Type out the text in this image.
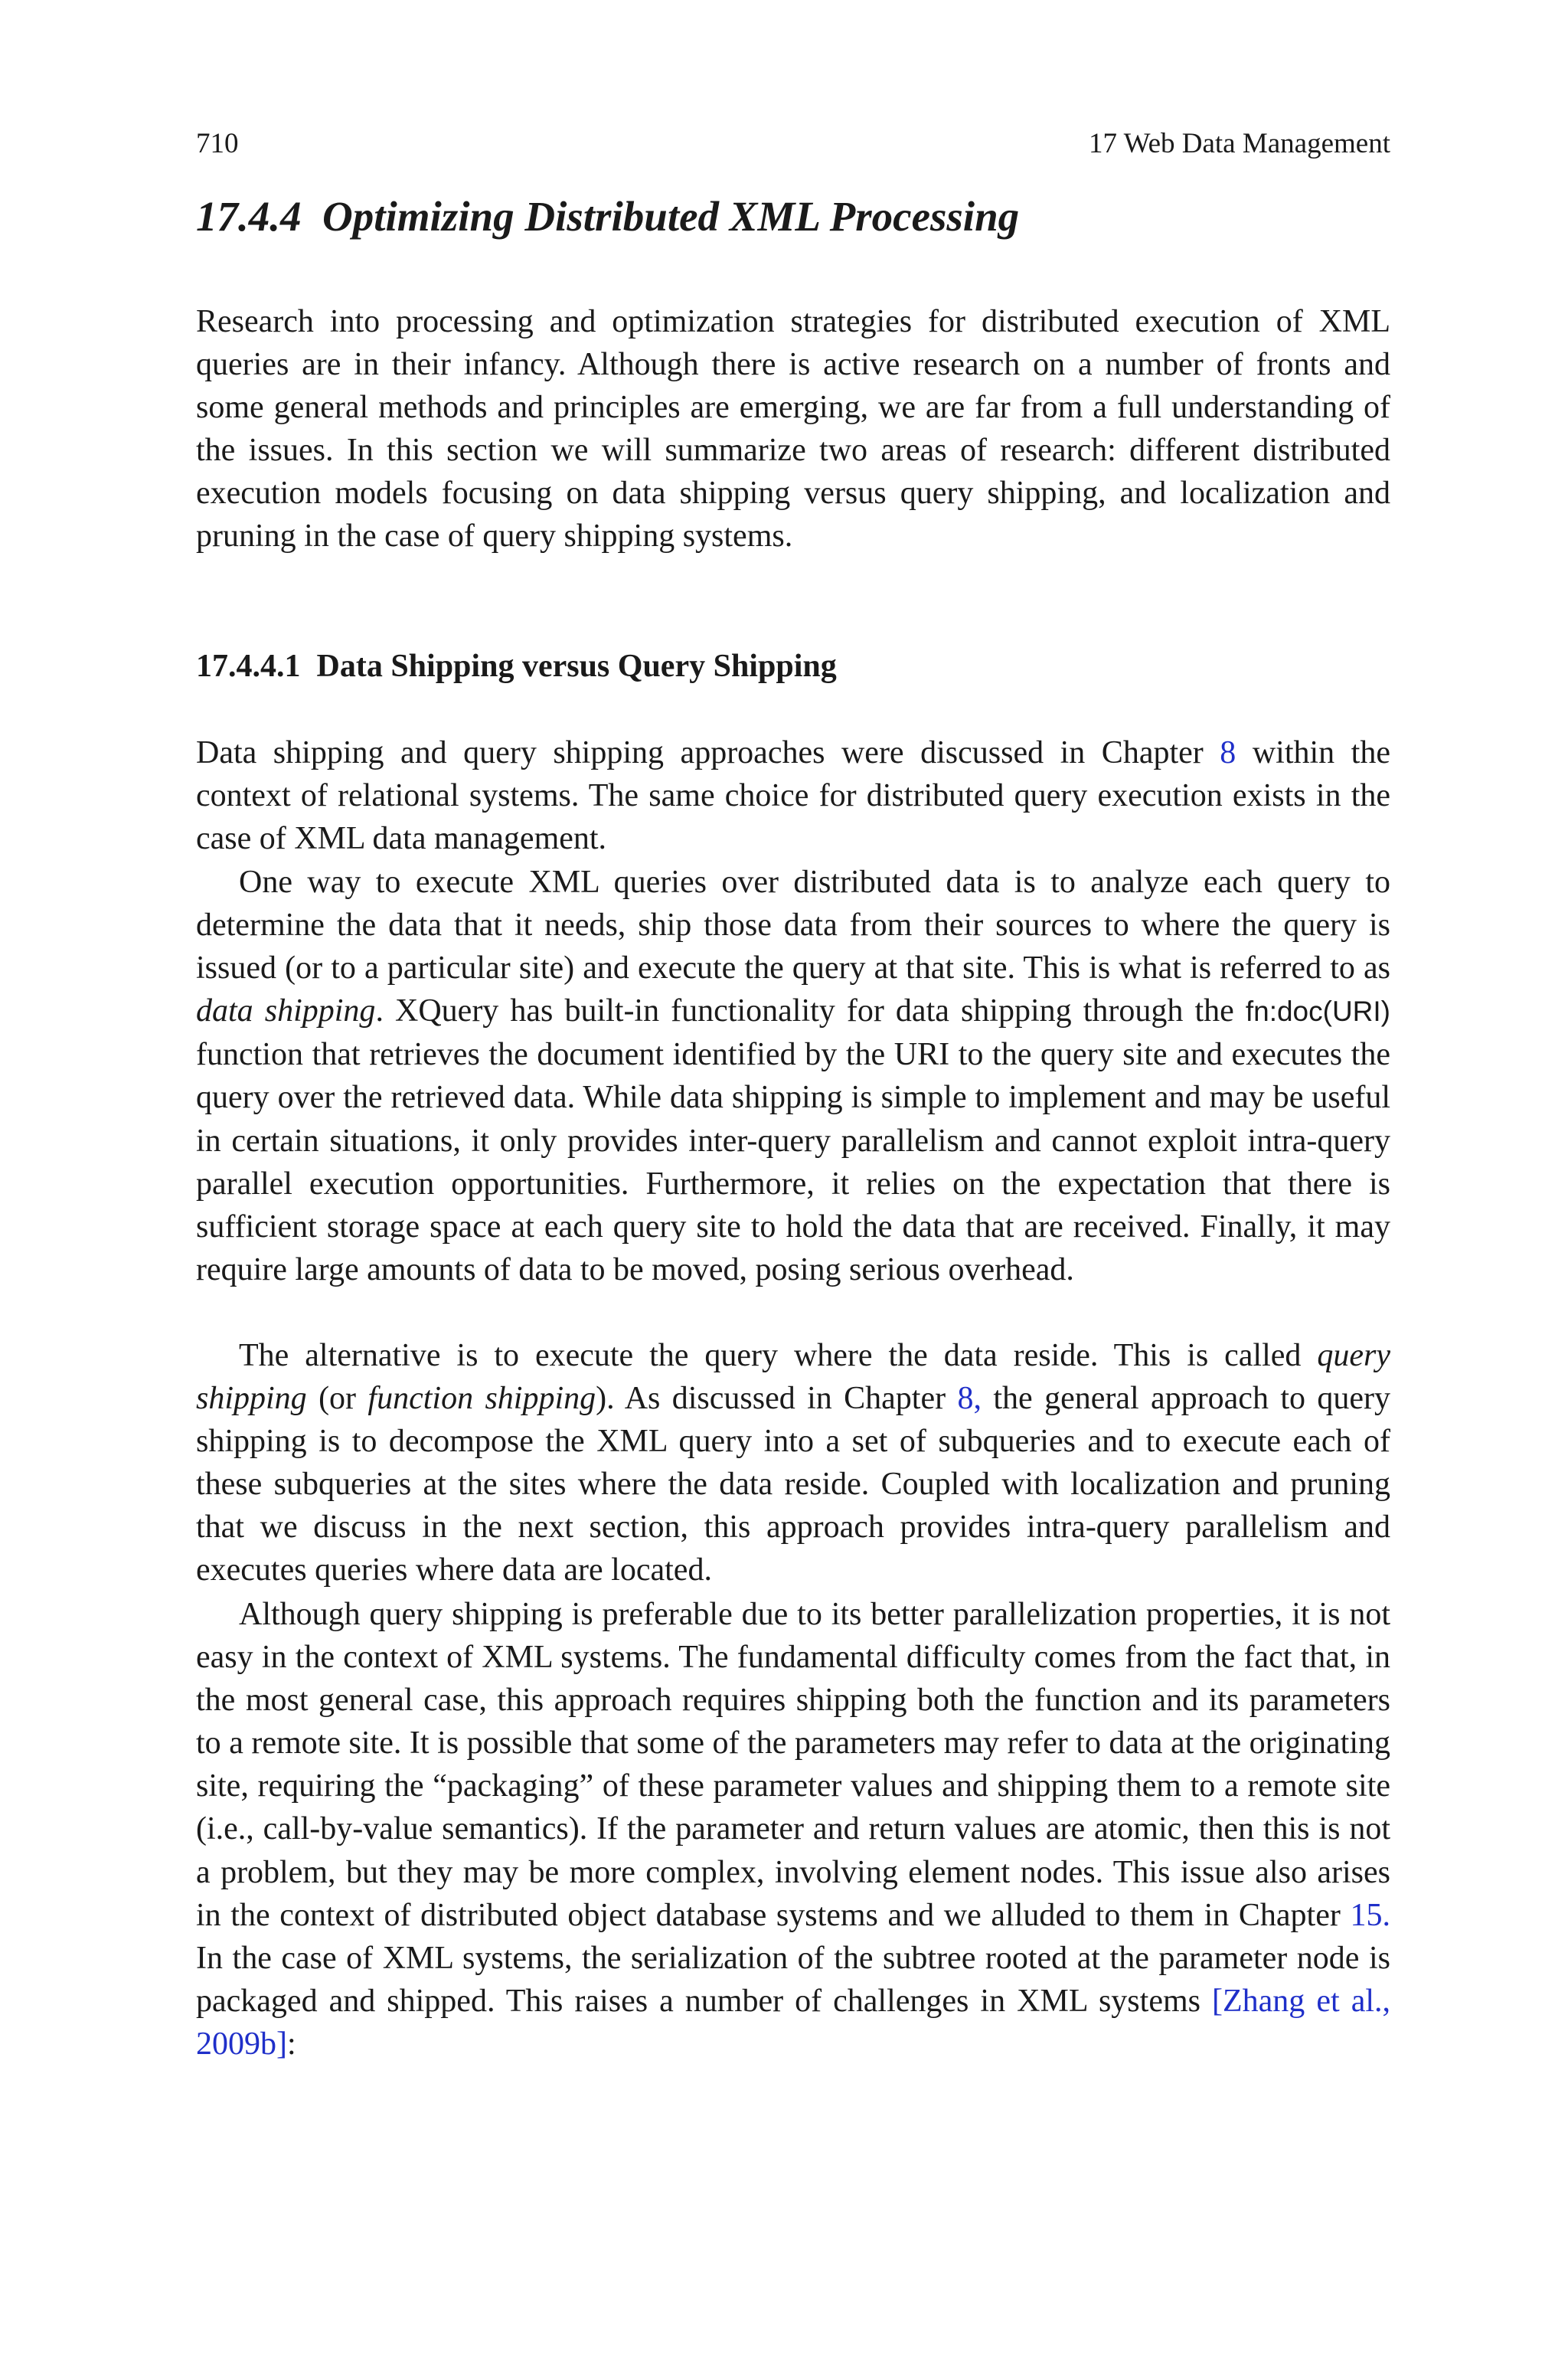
710	17 Web Data Management
17.4.4 Optimizing Distributed XML Processing

Research into processing and optimization strategies for distributed execution of XML queries are in their infancy. Although there is active research on a number of fronts and some general methods and principles are emerging, we are far from a full understanding of the issues. In this section we will summarize two areas of research: different distributed execution models focusing on data shipping versus query shipping, and localization and pruning in the case of query shipping systems.

17.4.4.1 Data Shipping versus Query Shipping

Data shipping and query shipping approaches were discussed in Chapter 8 within the context of relational systems. The same choice for distributed query execution exists in the case of XML data management.

One way to execute XML queries over distributed data is to analyze each query to determine the data that it needs, ship those data from their sources to where the query is issued (or to a particular site) and execute the query at that site. This is what is referred to as data shipping. XQuery has built-in functionality for data shipping through the fn:doc(URI) function that retrieves the document identified by the URI to the query site and executes the query over the retrieved data. While data shipping is simple to implement and may be useful in certain situations, it only provides inter-query parallelism and cannot exploit intra-query parallel execution opportunities. Furthermore, it relies on the expectation that there is sufficient storage space at each query site to hold the data that are received. Finally, it may require large amounts of data to be moved, posing serious overhead.

The alternative is to execute the query where the data reside. This is called query shipping (or function shipping). As discussed in Chapter 8, the general approach to query shipping is to decompose the XML query into a set of subqueries and to execute each of these subqueries at the sites where the data reside. Coupled with localization and pruning that we discuss in the next section, this approach provides intra-query parallelism and executes queries where data are located.

Although query shipping is preferable due to its better parallelization properties, it is not easy in the context of XML systems. The fundamental difficulty comes from the fact that, in the most general case, this approach requires shipping both the function and its parameters to a remote site. It is possible that some of the parameters may refer to data at the originating site, requiring the “packaging” of these parameter values and shipping them to a remote site (i.e., call-by-value semantics). If the parameter and return values are atomic, then this is not a problem, but they may be more complex, involving element nodes. This issue also arises in the context of distributed object database systems and we alluded to them in Chapter 15. In the case of XML systems, the serialization of the subtree rooted at the parameter node is packaged and shipped. This raises a number of challenges in XML systems [Zhang et al., 2009b]:
